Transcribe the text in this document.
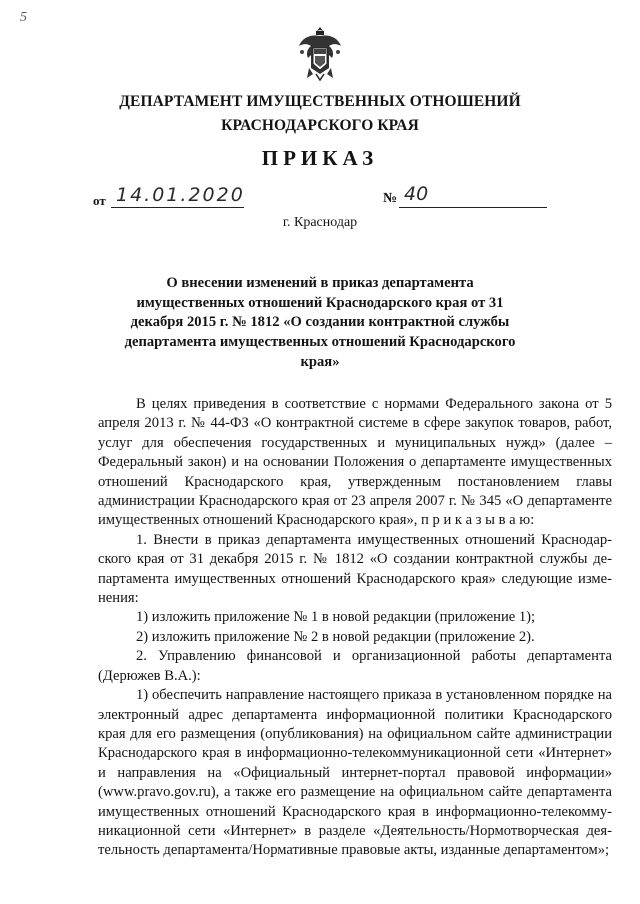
5
ДЕПАРТАМЕНТ ИМУЩЕСТВЕННЫХ ОТНОШЕНИЙ
КРАСНОДАРСКОГО КРАЯ
ПРИКАЗ
от 14.01.2020	№ 40
г. Краснодар
О внесении изменений в приказ департамента имущественных отношений Краснодарского края от 31 декабря 2015 г. № 1812 «О создании контрактной службы департамента имущественных отношений Краснодарского края»

В целях приведения в соответствие с нормами Федерального закона от 5 апреля 2013 г. № 44-ФЗ «О контрактной системе в сфере закупок товаров, работ, услуг для обеспечения государственных и муниципальных нужд» (далее – Федеральный закон) и на основании Положения о департаменте имущественных отношений Краснодарского края, утвержденным постановлением главы администрации Краснодарского края от 23 апреля 2007 г. № 345 «О департаменте имущественных отношений Краснодарского края», п р и к а з ы в а ю:

1. Внести в приказ департамента имущественных отношений Краснодарского края от 31 декабря 2015 г. № 1812 «О создании контрактной службы департамента имущественных отношений Краснодарского края» следующие изменения:

1) изложить приложение № 1 в новой редакции (приложение 1);

2) изложить приложение № 2 в новой редакции (приложение 2).

2. Управлению финансовой и организационной работы департамента (Дерюжев В.А.):

1) обеспечить направление настоящего приказа в установленном порядке на электронный адрес департамента информационной политики Краснодарского края для его размещения (опубликования) на официальном сайте администрации Краснодарского края в информационно-телекоммуникационной сети «Интернет» и направления на «Официальный интернет-портал правовой информации» (www.pravo.gov.ru), а также его размещение на официальном сайте департамента имущественных отношений Краснодарского края в информационно-телекоммуникационной сети «Интернет» в разделе «Деятельность/Нормотворческая деятельность департамента/Нормативные правовые акты, изданные департаментом»;
